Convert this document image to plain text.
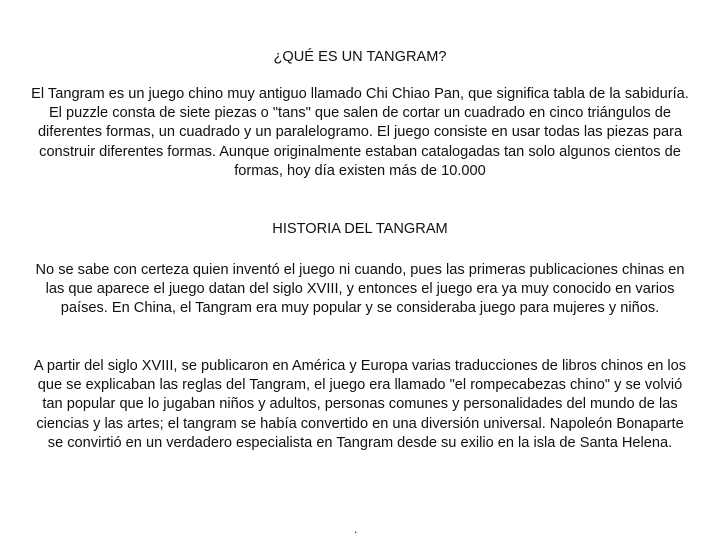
¿QUÉ ES UN TANGRAM?

El Tangram es un juego chino muy antiguo llamado Chi Chiao Pan, que significa tabla de la sabiduría. El puzzle consta de siete piezas o "tans" que salen de cortar un cuadrado en cinco triángulos de diferentes formas, un cuadrado y un paralelogramo. El juego consiste en usar todas las piezas para construir diferentes formas. Aunque originalmente estaban catalogadas tan solo algunos cientos de formas, hoy día existen más de 10.000

HISTORIA DEL TANGRAM

No se sabe con certeza quien inventó el juego ni cuando, pues las primeras publicaciones chinas en las que aparece el juego datan del siglo XVIII, y entonces el juego era ya muy conocido en varios países. En China, el Tangram era muy popular y se consideraba juego para mujeres y niños.

A partir del siglo XVIII, se publicaron en América y Europa varias traducciones de libros chinos en los que se explicaban las reglas del Tangram, el juego era llamado "el rompecabezas chino" y se volvió tan popular que lo jugaban niños y adultos, personas comunes y personalidades del mundo de las ciencias y las artes; el tangram se había convertido en una diversión universal. Napoleón Bonaparte se convirtió en un verdadero especialista en Tangram desde su exilio en la isla de Santa Helena.

.
